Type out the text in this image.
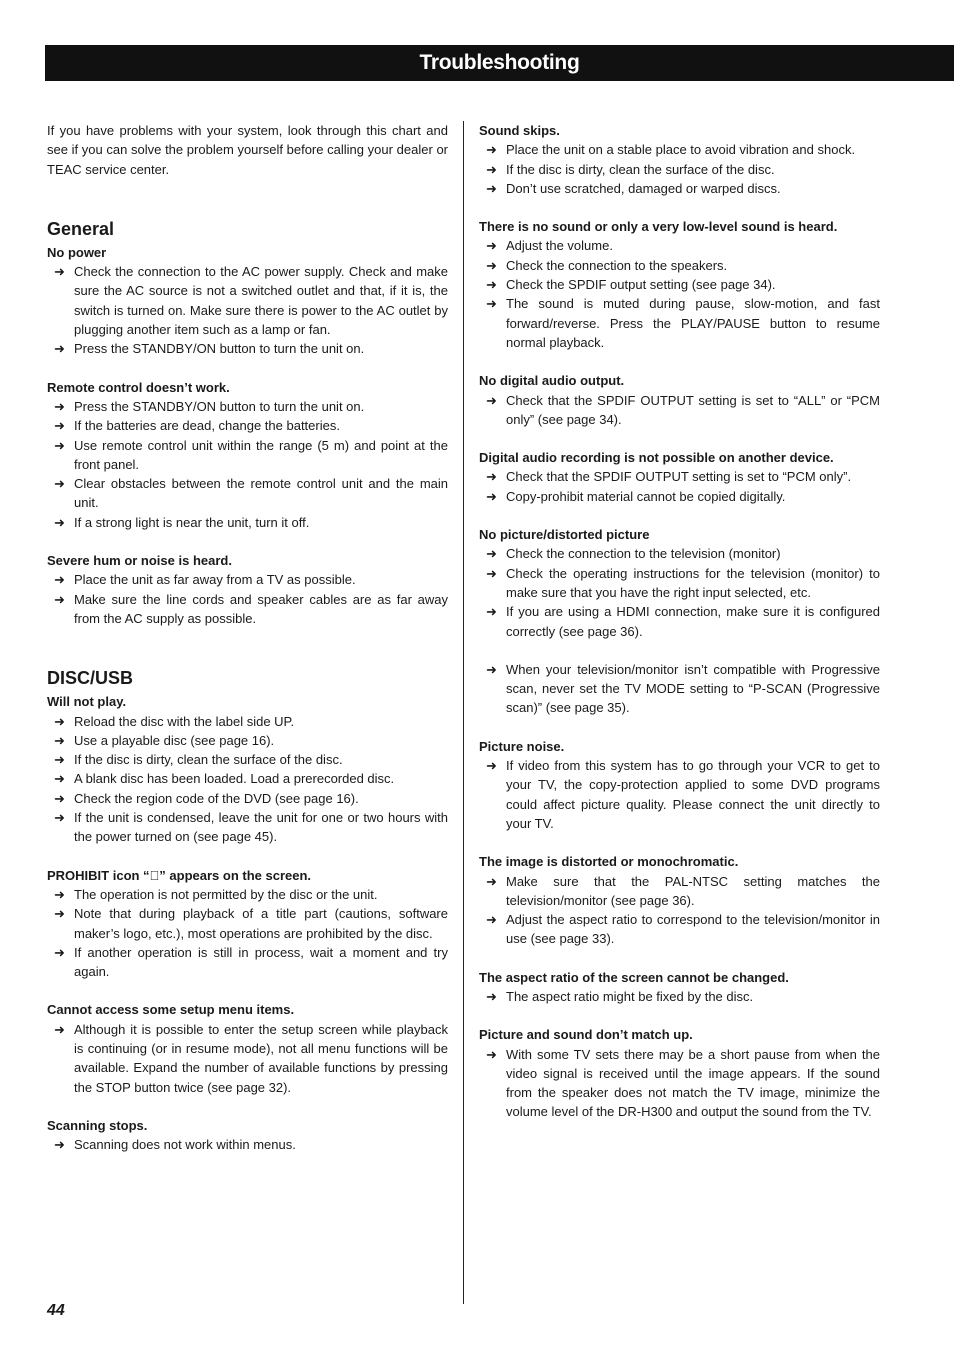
Troubleshooting

If you have problems with your system, look through this chart and see if you can solve the problem yourself before calling your dealer or TEAC service center.

General
No power
➜ Check the connection to the AC power supply. Check and make sure the AC source is not a switched outlet and that, if it is, the switch is turned on. Make sure there is power to the AC outlet by plugging another item such as a lamp or fan.
➜ Press the STANDBY/ON button to turn the unit on.
Remote control doesn’t work.
➜ Press the STANDBY/ON button to turn the unit on.
➜ If the batteries are dead, change the batteries.
➜ Use remote control unit within the range (5 m) and point at the front panel.
➜ Clear obstacles between the remote control unit and the main unit.
➜ If a strong light is near the unit, turn it off.
Severe hum or noise is heard.
➜ Place the unit as far away from a TV as possible.
➜ Make sure the line cords and speaker cables are as far away from the AC supply as possible.
DISC/USB
Will not play.
➜ Reload the disc with the label side UP.
➜ Use a playable disc (see page 16).
➜ If the disc is dirty, clean the surface of the disc.
➜ A blank disc has been loaded. Load a prerecorded disc.
➜ Check the region code of the DVD (see page 16).
➜ If the unit is condensed, leave the unit for one or two hours with the power turned on (see page 45).
PROHIBIT icon “⃠” appears on the screen.
➜ The operation is not permitted by the disc or the unit.
➜ Note that during playback of a title part (cautions, software maker’s logo, etc.), most operations are prohibited by the disc.
➜ If another operation is still in process, wait a moment and try again.
Cannot access some setup menu items.
➜ Although it is possible to enter the setup screen while playback is continuing (or in resume mode), not all menu functions will be available. Expand the number of available functions by pressing the STOP button twice (see page 32).
Scanning stops.
➜ Scanning does not work within menus.
Sound skips.
➜ Place the unit on a stable place to avoid vibration and shock.
➜ If the disc is dirty, clean the surface of the disc.
➜ Don’t use scratched, damaged or warped discs.
There is no sound or only a very low-level sound is heard.
➜ Adjust the volume.
➜ Check the connection to the speakers.
➜ Check the SPDIF output setting (see page 34).
➜ The sound is muted during pause, slow-motion, and fast forward/reverse. Press the PLAY/PAUSE button to resume normal playback.
No digital audio output.
➜ Check that the SPDIF OUTPUT setting is set to “ALL” or “PCM only” (see page 34).
Digital audio recording is not possible on another device.
➜ Check that the SPDIF OUTPUT setting is set to “PCM only”.
➜ Copy-prohibit material cannot be copied digitally.
No picture/distorted picture
➜ Check the connection to the television (monitor)
➜ Check the operating instructions for the television (monitor) to make sure that you have the right input selected, etc.
➜ If you are using a HDMI connection, make sure it is configured correctly (see page 36).
➜ When your television/monitor isn’t compatible with Progressive scan, never set the TV MODE setting to “P-SCAN (Progressive scan)” (see page 35).
Picture noise.
➜ If video from this system has to go through your VCR to get to your TV, the copy-protection applied to some DVD programs could affect picture quality. Please connect the unit directly to your TV.
The image is distorted or monochromatic.
➜ Make sure that the PAL-NTSC setting matches the television/monitor (see page 36).
➜ Adjust the aspect ratio to correspond to the television/monitor in use (see page 33).
The aspect ratio of the screen cannot be changed.
➜ The aspect ratio might be fixed by the disc.
Picture and sound don’t match up.
➜ With some TV sets there may be a short pause from when the video signal is received until the image appears. If the sound from the speaker does not match the TV image, minimize the volume level of the DR-H300 and output the sound from the TV.
44
